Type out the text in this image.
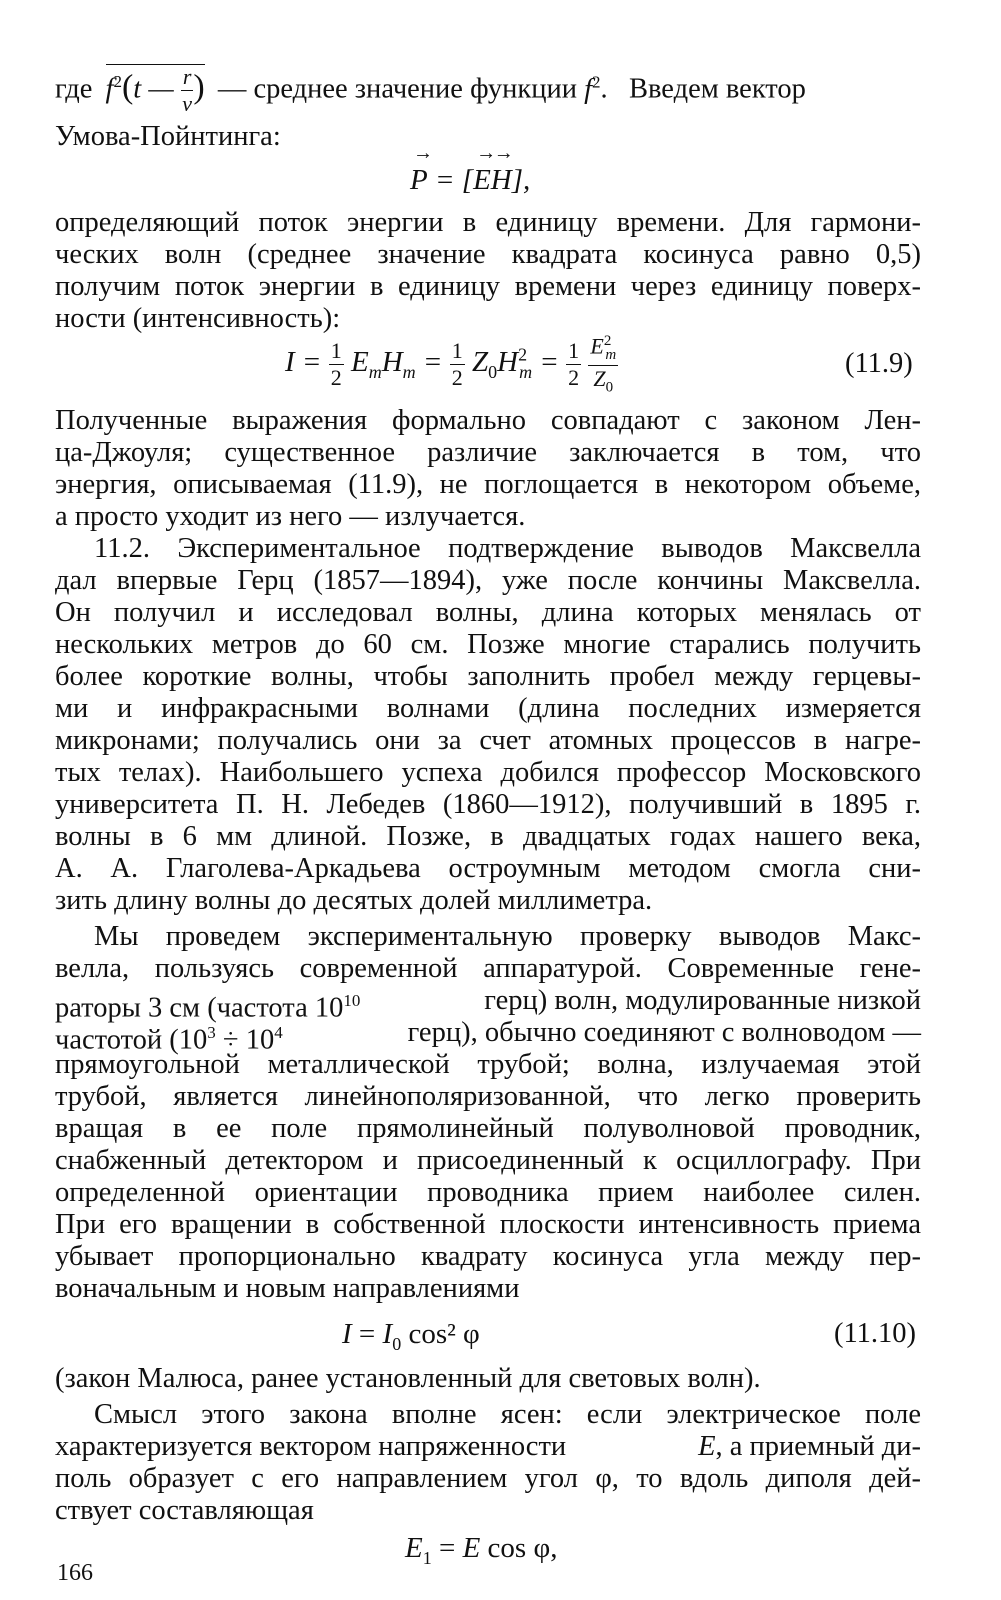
где $f^2(t$ — $\frac{r}{v}$ ) — среднее значение функции $f^2$.   Введем вектор
Умова-Пойнтинга:
→ P = [→ E→ H],
определяющий поток энергии в единицу времени. Для гармони-
ческих волн (среднее значение квадрата косинуса равно 0,5)
получим поток энергии в единицу времени через единицу поверх-
ности (интенсивность):
$I = \frac{1}{2} E_mH_m = \frac{1}{2} Z_0H^2_m = \frac{1}{2}$
$\frac{E^2_m}{Z_0}$	(11.9)
Полученные выражения формально совпадают с законом Лен-
ца-Джоуля; существенное различие заключается в том, что
энергия, описываемая (11.9), не поглощается в некотором объеме,
а просто уходит из него — излучается.
11.2. Экспериментальное подтверждение выводов Максвелла
дал впервые Герц (1857—1894), уже после кончины Максвелла.
Он получил и исследовал волны, длина которых менялась от
нескольких метров до 60 см. Позже многие старались получить
более короткие волны, чтобы заполнить пробел между герцевы-
ми и инфракрасными волнами (длина последних измеряется
микронами; получались они за счет атомных процессов в нагре-
тых телах). Наибольшего успеха добился профессор Московского
университета П. Н. Лебедев (1860—1912), получивший в 1895 г.
волны в 6 мм длиной. Позже, в двадцатых годах нашего века,
А. А. Глаголева-Аркадьева остроумным методом смогла сни-
зить длину волны до десятых долей миллиметра.
Мы проведем экспериментальную проверку выводов Макс-
велла, пользуясь современной аппаратурой. Современные гене-
раторы 3 см (частота $10^{10}$	герц) волн, модулированные низкой
частотой ($10^3 \div 10^4$	герц), обычно соединяют с волноводом —
прямоугольной металлической трубой; волна, излучаемая этой
трубой, является линейнополяризованной, что легко проверить
вращая в ее поле прямолинейный полуволновой проводник,
снабженный детектором и присоединенный к осциллографу. При
определенной ориентации проводника прием наиболее силен.
При его вращении в собственной плоскости интенсивность приема
убывает пропорционально квадрату косинуса угла между пер-
воначальным и новым направлениями
$I = I_0$ cos² φ	(11.10)
(закон Малюса, ранее установленный для световых волн).
Смысл этого закона вполне ясен: если электрическое поле
характеризуется вектором напряженности	E, а приемный ди-
поль образует с его направлением угол φ, то вдоль диполя дей-
ствует составляющая
$E_1 = E$ cos φ,
166
